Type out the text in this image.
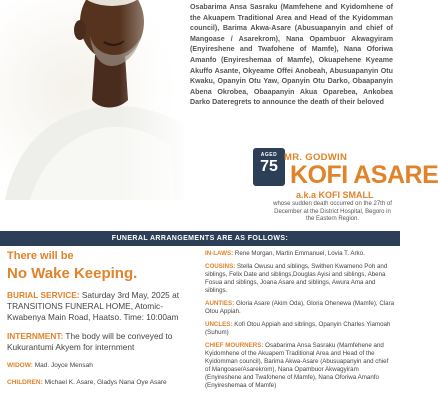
Osabarima Ansa Sasraku (Mamfehene and Kyidomhene of the Akuapem Traditional Area and Head of the Kyidomman council), Barima Akwa-Asare (Abusuapanyin and chief of Mangoase / Asarekrom), Nana Opambuor Akwagyiram (Enyireshene and Twafohene of Mamfe), Nana Oforiwa Amanfo (Enyireshemaa of Mamfe), Okuapehene Kyeame Akuffo Asante, Okyeame Offei Anobeah, Abusuapanyin Otu Kwaku, Opanyin Otu Yaw, Opanyin Otu Darko, Obaapanyin Abena Okrobea, Obaapanyin Akua Oparebea, Ankobea Darko Dateregrets to announce the death of their beloved

AGED
75
MR. GODWIN
KOFI ASARE
a.k.a KOFI SMALL
whose sudden death occurred on the 27th of December at the District Hospital, Begoro in the Eastern Region.
FUNERAL ARRANGEMENTS ARE AS FOLLOWS:

There will be

No Wake Keeping.

BURIAL SERVICE: Saturday 3rd May, 2025 at TRANSITIONS FUNERAL HOME, Atomic-Kwabenya Main Road, Haatso. Time: 10:00am
INTERNMENT: The body will be conveyed to Kukurantumi Akyem for internment
WIDOW: Mad. Joyce Mensah
CHILDREN: Michael K. Asare, Gladys Nana Oye Asare
IN-LAWS: Rene Morgan, Martin Emmanuel, Lovia T. Arko.
COUSINS: Stella Owusu and siblings, Swithen Kwameno Poh and siblings, Felix Date and siblings,Douglas Ayisi and siblings, Abena Fosua and siblings, Joana Asare and siblings, Awura Ama and siblings.
AUNTIES: Gloria Asare (Akim Oda), Gloria Ohenewa (Mamfe), Clara Otou Appiah.
UNCLES: Kofi Otou Appiah and siblings, Opanyin Charles Yiamoah (Suhum)
CHIEF MOURNERS: Osabarima Ansa Sasraku (Mamfehene and Kyidomhene of the Akuapem Traditional Area and Head of the Kyidomman council), Barima Akwa-Asare (Abusuapanyin and chief of Mangoase/Asarekrom), Nana Opambuor Akwagyiram (Enyireshene and Twafohene of Mamfe), Nana Oforiwa Amanfo (Enyireshemaa of Mamfe)
